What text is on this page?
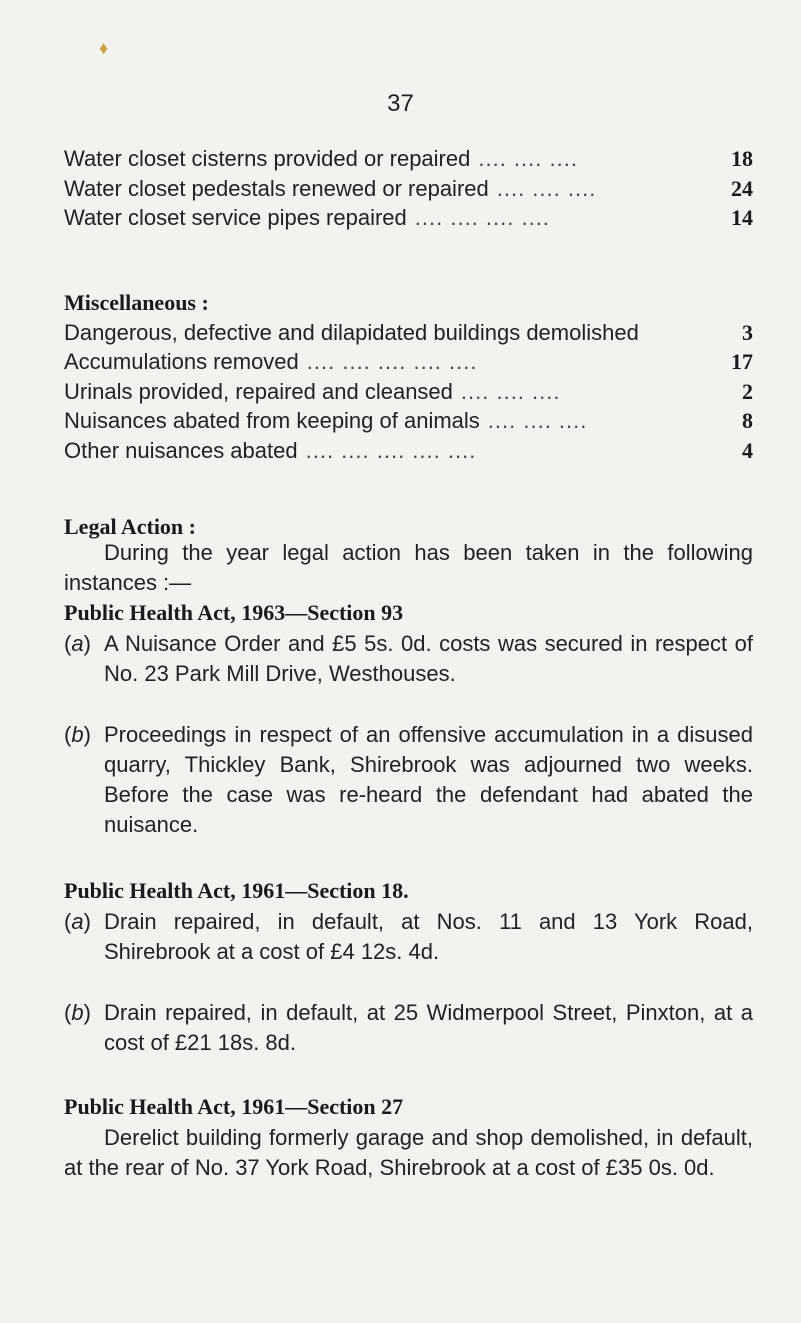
♦
37
Water closet cisterns provided or repaired .... .... ....	18
Water closet pedestals renewed or repaired .... .... ....	24
Water closet service pipes repaired .... .... .... ....	14
Miscellaneous :
Dangerous, defective and dilapidated buildings demolished	3
Accumulations removed .... .... .... .... ....	17
Urinals provided, repaired and cleansed .... .... ....	2
Nuisances abated from keeping of animals .... .... ....	8
Other nuisances abated .... .... .... .... ....	4
Legal Action :
During the year legal action has been taken in the following instances :—
Public Health Act, 1963—Section 93
(a) A Nuisance Order and £5 5s. 0d. costs was secured in respect of No. 23 Park Mill Drive, Westhouses.
(b) Proceedings in respect of an offensive accumulation in a disused quarry, Thickley Bank, Shirebrook was adjourned two weeks. Before the case was re-heard the defendant had abated the nuisance.
Public Health Act, 1961—Section 18.
(a) Drain repaired, in default, at Nos. 11 and 13 York Road, Shirebrook at a cost of £4 12s. 4d.
(b) Drain repaired, in default, at 25 Widmerpool Street, Pinxton, at a cost of £21 18s. 8d.
Public Health Act, 1961—Section 27
Derelict building formerly garage and shop demolished, in default, at the rear of No. 37 York Road, Shirebrook at a cost of £35 0s. 0d.
